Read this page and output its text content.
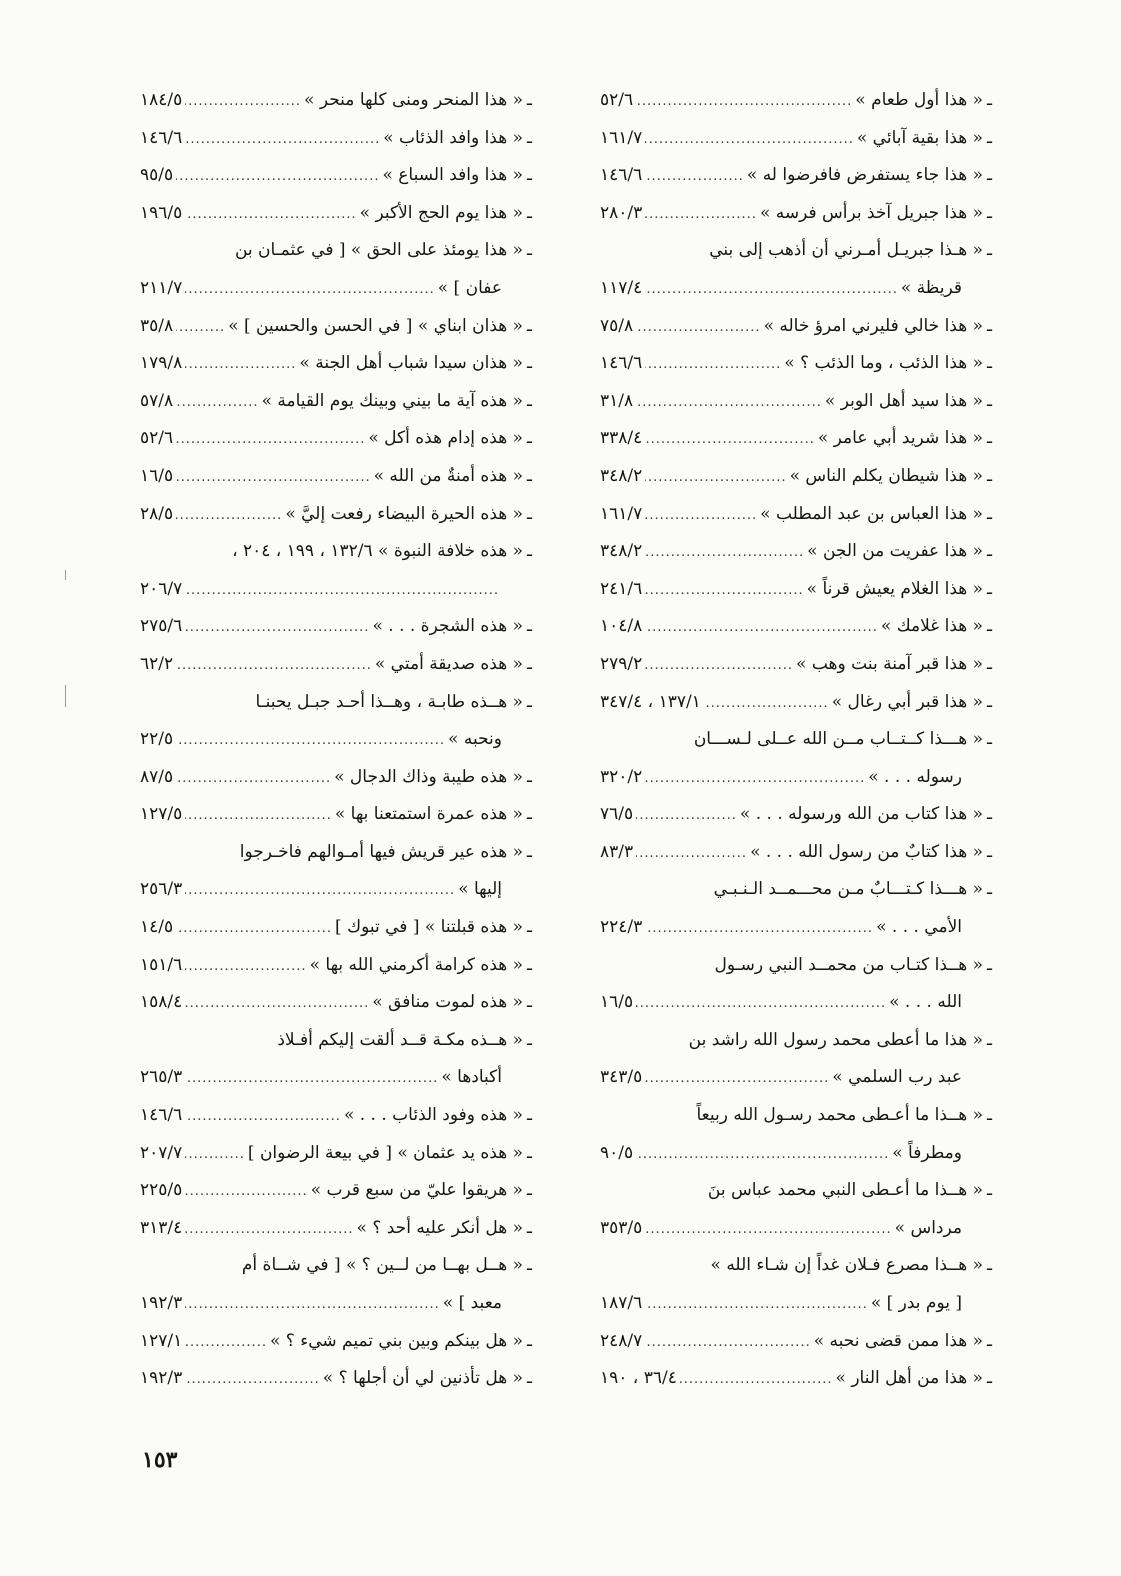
ـ
« هذا أول طعام »
.....
٥٢/٦
ـ
« هذا بقية آبائي »
.....
١٦١/٧
ـ
« هذا جاء يستفرض فافرضوا له »
.....
١٤٦/٦
ـ
« هذا جبريل آخذ برأس فرسه »
.....
٢٨٠/٣
ـ
« هـذا جبريـل أمـرني أن أذهب إلى بني
قريظة »
.....
١١٧/٤
ـ
« هذا خالي فليرني امرؤ خاله »
.....
٧٥/٨
ـ
« هذا الذئب ، وما الذئب ؟ »
.....
١٤٦/٦
ـ
« هذا سيد أهل الوبر »
.....
٣١/٨
ـ
« هذا شريد أبي عامر »
.....
٣٣٨/٤
ـ
« هذا شيطان يكلم الناس »
.....
٣٤٨/٢
ـ
« هذا العباس بن عبد المطلب »
.....
١٦١/٧
ـ
« هذا عفريت من الجن »
.....
٣٤٨/٢
ـ
« هذا الغلام يعيش قرناً »
.....
٢٤١/٦
ـ
« هذا غلامك »
.....
١٠٤/٨
ـ
« هذا قبر آمنة بنت وهب »
.....
٢٧٩/٢
ـ
« هذا قبر أبي رغال »
.....
١٣٧/١ ، ٣٤٧/٤
ـ
« هـــذا كــتــاب مــن الله عــلى لـســـان
رسوله . . . »
.....
٣٢٠/٢
ـ
« هذا كتاب من الله ورسوله . . . »
.....
٧٦/٥
ـ
« هذا كتابٌ من رسول الله . . . »
.....
٨٣/٣
ـ
« هـــذا كـتـــابٌ مـن محـــمــد الـنـبـي
الأمي . . . »
.....
٢٢٤/٣
ـ
« هــذا كتـاب من محمــد النبي رسـول
الله . . . »
.....
١٦/٥
ـ
« هذا ما أعطى محمد رسول الله راشد بن
عبد رب السلمي »
.....
٣٤٣/٥
ـ
« هــذا ما أعـطى محمد رسـول الله ربيعاً
ومطرفاً »
.....
٩٠/٥
ـ
« هــذا ما أعـطى النبي محمد عباس بنَ
مرداس »
.....
٣٥٣/٥
ـ
« هــذا مصرع فـلان غداً إن شـاء الله »
[ يوم بدر ] »
.....
١٨٧/٦
ـ
« هذا ممن قضى نحبه »
.....
٢٤٨/٧
ـ
« هذا من أهل النار »
.....
٣٦/٤ ، ١٩٠
ـ
« هذا المنحر ومنى كلها منحر »
.....
١٨٤/٥
ـ
« هذا وافد الذئاب »
.....
١٤٦/٦
ـ
« هذا وافد السباع »
.....
٩٥/٥
ـ
« هذا يوم الحج الأكبر »
.....
١٩٦/٥
ـ
« هذا يومئذ على الحق » [ في عثمـان بن
عفان ] »
.....
٢١١/٧
ـ
« هذان ابناي » [ في الحسن والحسين ] »
.....
٣٥/٨
ـ
« هذان سيدا شباب أهل الجنة »
.....
١٧٩/٨
ـ
« هذه آية ما بيني وبينك يوم القيامة »
.....
٥٧/٨
ـ
« هذه إدام هذه أكل »
.....
٥٢/٦
ـ
« هذه أمنةٌ من الله »
.....
١٦/٥
ـ
« هذه الحيرة البيضاء رفعت إليَّ »
.....
٢٨/٥
ـ
« هذه خلافة النبوة » ١٣٢/٦ ، ١٩٩ ، ٢٠٤ ،
.....
٢٠٦/٧
ـ
« هذه الشجرة . . . »
.....
٢٧٥/٦
ـ
« هذه صديقة أمتي »
.....
٦٢/٢
ـ
« هــذه طابـة ، وهــذا أحـد جبـل يحبنـا
ونحبه »
.....
٢٢/٥
ـ
« هذه طيبة وذاك الدجال »
.....
٨٧/٥
ـ
« هذه عمرة استمتعنا بها »
.....
١٢٧/٥
ـ
« هذه عير قريش فيها أمـوالهم فاخـرجوا
إليها »
.....
٢٥٦/٣
ـ
« هذه قبلتنا » [ في تبوك ]
.....
١٤/٥
ـ
« هذه كرامة أكرمني الله بها »
.....
١٥١/٦
ـ
« هذه لموت منافق »
.....
١٥٨/٤
ـ
« هــذه مكـة قــد ألقت إليكم أفـلاذ
أكبادها »
.....
٢٦٥/٣
ـ
« هذه وفود الذئاب . . . »
.....
١٤٦/٦
ـ
« هذه يد عثمان » [ في بيعة الرضوان ]
.....
٢٠٧/٧
ـ
« هريقوا عليّ من سبع قرب »
.....
٢٢٥/٥
ـ
« هل أنكر عليه أحد ؟ »
.....
٣١٣/٤
ـ
« هــل بهــا من لــين ؟ » [ في شــاة أم
معبد ] »
.....
١٩٢/٣
ـ
« هل بينكم وبين بني تميم شيء ؟ »
.....
١٢٧/١
ـ
« هل تأذنين لي أن أجلها ؟ »
.....
١٩٢/٣
١٥٣
